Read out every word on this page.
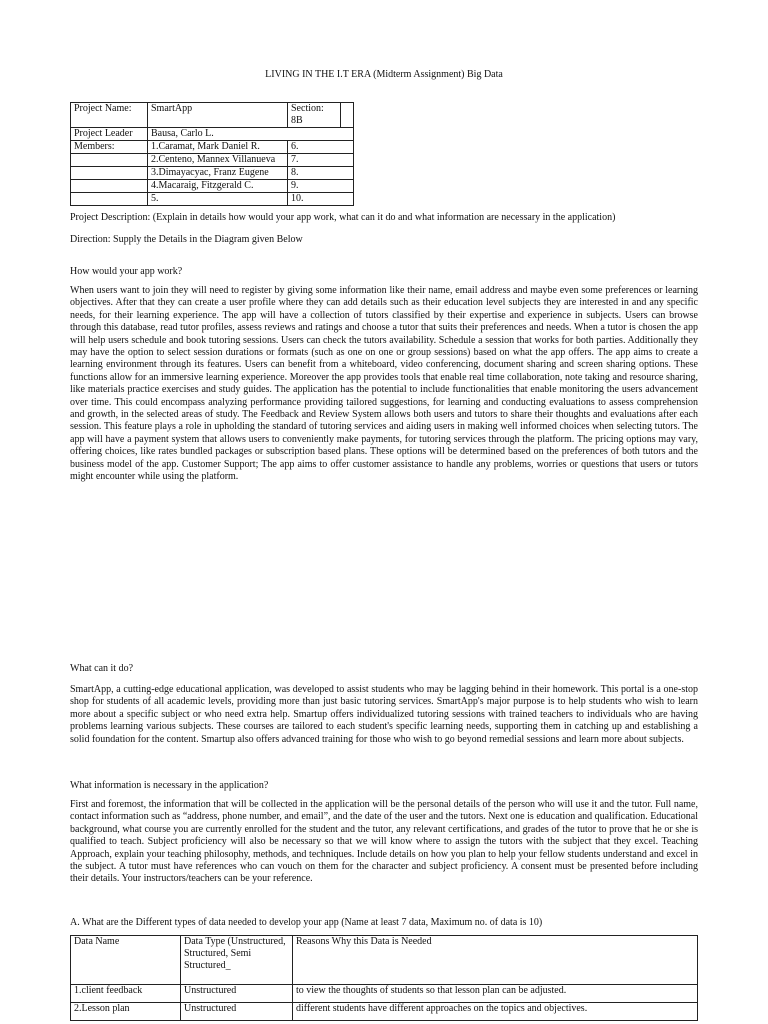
LIVING IN THE I.T ERA (Midterm Assignment) Big Data
Project Name:	SmartApp	Section: 8B	
Project Leader	Bausa, Carlo L.		
Members:	1.Caramat, Mark Daniel R.	6.	
	2.Centeno, Mannex Villanueva	7.	
	3.Dimayacyac, Franz Eugene	8.	
	4.Macaraig, Fitzgerald C.	9.	
	5.	10.	

Project Description: (Explain in details how would your app work, what can it do and what information are necessary in the application)

Direction: Supply the Details in the Diagram given Below

How would your app work?

When users want to join they will need to register by giving some information like their name, email address and maybe even some preferences or learning objectives. After that they can create a user profile where they can add details such as their education level subjects they are interested in and any specific needs, for their learning experience. The app will have a collection of tutors classified by their expertise and experience in subjects. Users can browse through this database, read tutor profiles, assess reviews and ratings and choose a tutor that suits their preferences and needs. When a tutor is chosen the app will help users schedule and book tutoring sessions. Users can check the tutors availability. Schedule a session that works for both parties. Additionally they may have the option to select session durations or formats (such as one on one or group sessions) based on what the app offers. The app aims to create a learning environment through its features. Users can benefit from a whiteboard, video conferencing, document sharing and screen sharing options. These functions allow for an immersive learning experience. Moreover the app provides tools that enable real time collaboration, note taking and resource sharing, like materials practice exercises and study guides. The application has the potential to include functionalities that enable monitoring the users advancement over time. This could encompass analyzing performance providing tailored suggestions, for learning and conducting evaluations to assess comprehension and growth, in the selected areas of study. The Feedback and Review System allows both users and tutors to share their thoughts and evaluations after each session. This feature plays a role in upholding the standard of tutoring services and aiding users in making well informed choices when selecting tutors. The app will have a payment system that allows users to conveniently make payments, for tutoring services through the platform. The pricing options may vary, offering choices, like rates bundled packages or subscription based plans. These options will be determined based on the preferences of both tutors and the business model of the app. Customer Support; The app aims to offer customer assistance to handle any problems, worries or questions that users or tutors might encounter while using the platform.

What can it do?

SmartApp, a cutting-edge educational application, was developed to assist students who may be lagging behind in their homework. This portal is a one-stop shop for students of all academic levels, providing more than just basic tutoring services. SmartApp's major purpose is to help students who wish to learn more about a specific subject or who need extra help. Smartup offers individualized tutoring sessions with trained teachers to individuals who are having problems learning various subjects. These courses are tailored to each student's specific learning needs, supporting them in catching up and establishing a solid foundation for the content. Smartup also offers advanced training for those who wish to go beyond remedial sessions and learn more about subjects.

What information is necessary in the application?

First and foremost, the information that will be collected in the application will be the personal details of the person who will use it and the tutor. Full name, contact information such as “address, phone number, and email”, and the date of the user and the tutors. Next one is education and qualification. Educational background, what course you are currently enrolled for the student and the tutor, any relevant certifications, and grades of the tutor to prove that he or she is qualified to teach. Subject proficiency will also be necessary so that we will know where to assign the tutors with the subject that they excel. Teaching Approach, explain your teaching philosophy, methods, and techniques. Include details on how you plan to help your fellow students understand and excel in the subject. A tutor must have references who can vouch on them for the character and subject proficiency. A consent must be presented before including their details. Your instructors/teachers can be your reference.

A. What are the Different types of data needed to develop your app (Name at least 7 data, Maximum no. of data is 10)

Data Name	Data Type (Unstructured, Structured, Semi Structured_	Reasons Why this Data is Needed
1.client feedback	Unstructured	to view the thoughts of students so that lesson plan can be adjusted.
2.Lesson plan	Unstructured	different students have different approaches on the topics and objectives.
